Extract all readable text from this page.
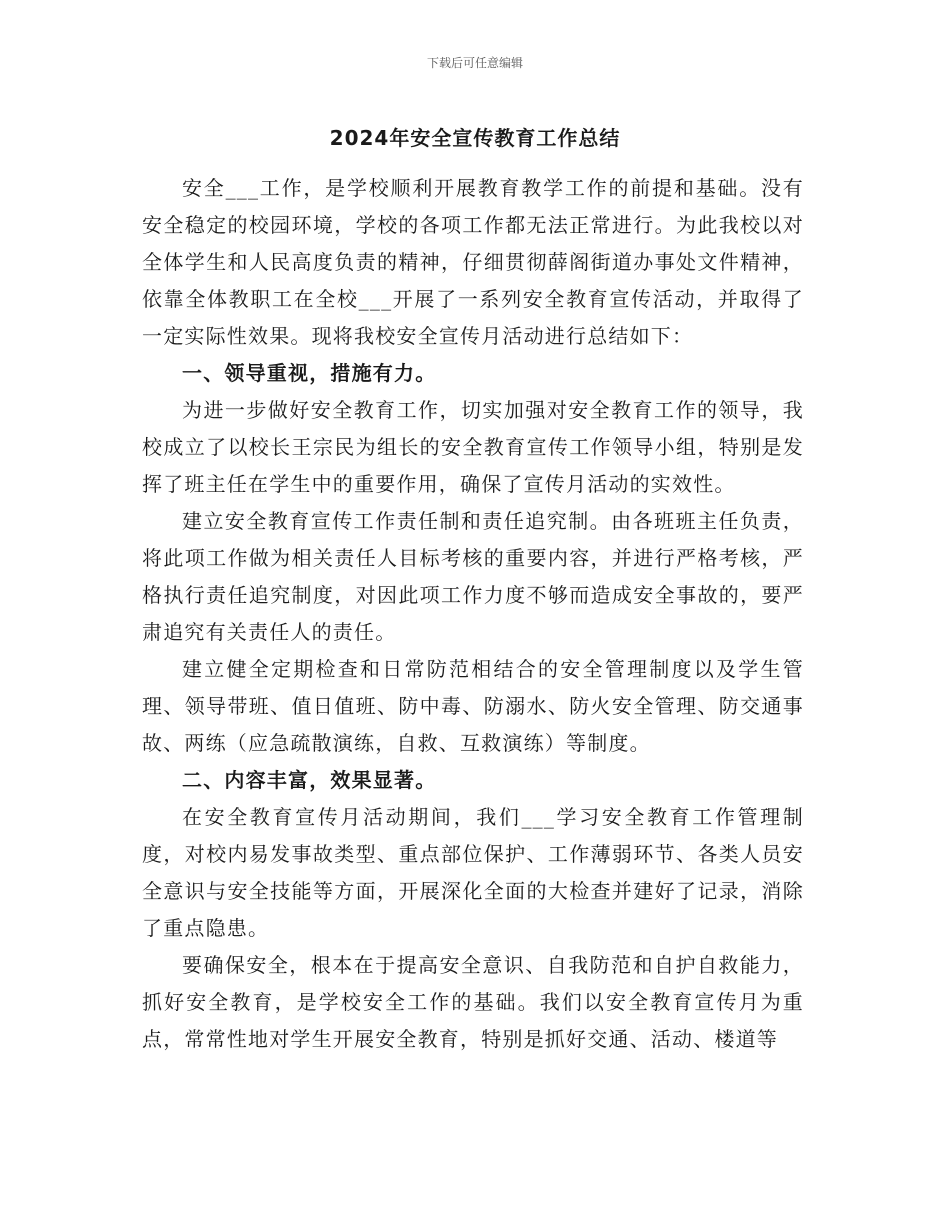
下载后可任意编辑
2024年安全宣传教育工作总结

安全___工作，是学校顺利开展教育教学工作的前提和基础。没有安全稳定的校园环境，学校的各项工作都无法正常进行。为此我校以对全体学生和人民高度负责的精神，仔细贯彻薛阁街道办事处文件精神，依靠全体教职工在全校___开展了一系列安全教育宣传活动，并取得了一定实际性效果。现将我校安全宣传月活动进行总结如下：

一、领导重视，措施有力。

为进一步做好安全教育工作，切实加强对安全教育工作的领导，我校成立了以校长王宗民为组长的安全教育宣传工作领导小组，特别是发挥了班主任在学生中的重要作用，确保了宣传月活动的实效性。

建立安全教育宣传工作责任制和责任追究制。由各班班主任负责，将此项工作做为相关责任人目标考核的重要内容，并进行严格考核，严格执行责任追究制度，对因此项工作力度不够而造成安全事故的，要严肃追究有关责任人的责任。

建立健全定期检查和日常防范相结合的安全管理制度以及学生管理、领导带班、值日值班、防中毒、防溺水、防火安全管理、防交通事故、两练（应急疏散演练，自救、互救演练）等制度。

二、内容丰富，效果显著。

在安全教育宣传月活动期间，我们___学习安全教育工作管理制度，对校内易发事故类型、重点部位保护、工作薄弱环节、各类人员安全意识与安全技能等方面，开展深化全面的大检查并建好了记录，消除了重点隐患。

要确保安全，根本在于提高安全意识、自我防范和自护自救能力，抓好安全教育，是学校安全工作的基础。我们以安全教育宣传月为重点，常常性地对学生开展安全教育，特别是抓好交通、活动、楼道等
